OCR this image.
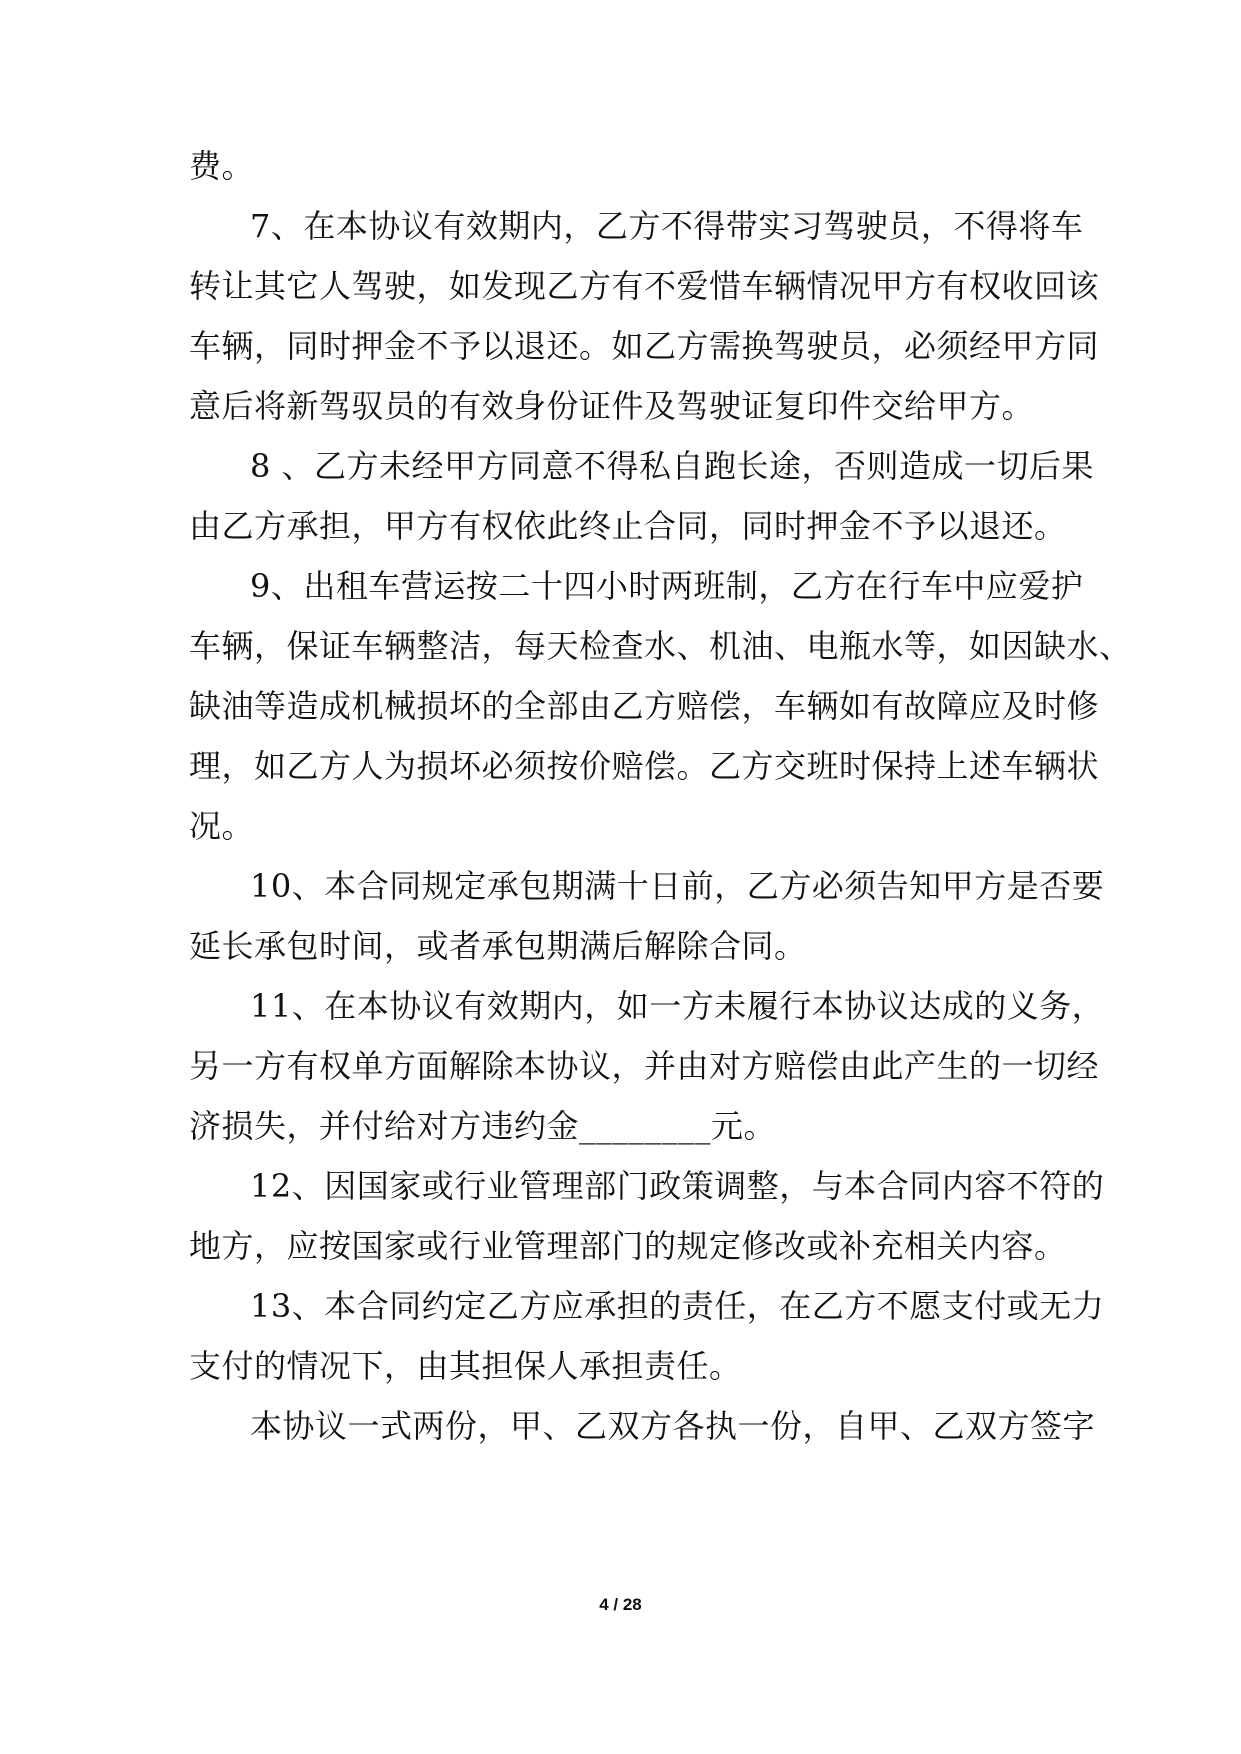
费。
7、在本协议有效期内，乙方不得带实习驾驶员，不得将车
转让其它人驾驶，如发现乙方有不爱惜车辆情况甲方有权收回该
车辆，同时押金不予以退还。如乙方需换驾驶员，必须经甲方同
意后将新驾驭员的有效身份证件及驾驶证复印件交给甲方。
8 、乙方未经甲方同意不得私自跑长途，否则造成一切后果
由乙方承担，甲方有权依此终止合同，同时押金不予以退还。
9、出租车营运按二十四小时两班制，乙方在行车中应爱护
车辆，保证车辆整洁，每天检查水、机油、电瓶水等，如因缺水、
缺油等造成机械损坏的全部由乙方赔偿，车辆如有故障应及时修
理，如乙方人为损坏必须按价赔偿。乙方交班时保持上述车辆状
况。
10、本合同规定承包期满十日前，乙方必须告知甲方是否要
延长承包时间，或者承包期满后解除合同。
11、在本协议有效期内，如一方未履行本协议达成的义务，
另一方有权单方面解除本协议，并由对方赔偿由此产生的一切经
济损失，并付给对方违约金________元。
12、因国家或行业管理部门政策调整，与本合同内容不符的
地方，应按国家或行业管理部门的规定修改或补充相关内容。
13、本合同约定乙方应承担的责任，在乙方不愿支付或无力
支付的情况下，由其担保人承担责任。
本协议一式两份，甲、乙双方各执一份，自甲、乙双方签字
4 / 28
